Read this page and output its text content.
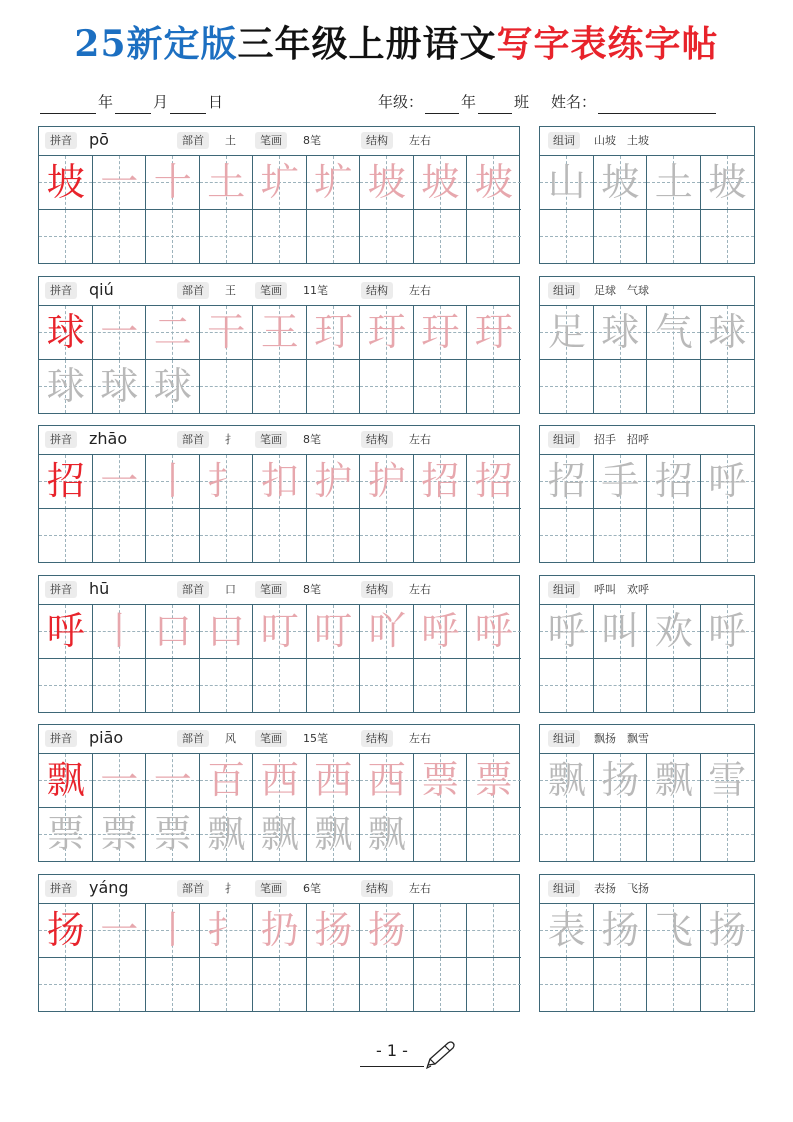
25新定版三年级上册语文写字表练字帖
年	月	日	年级：	年	班 姓名：
拼音	pō	部首	土	笔画	8笔	结构	左右
坡 一 十 土 圹 圹 坡 坡 坡
组词	山坡　土坡
山 坡 土 坡
拼音	qiú	部首	王	笔画	11笔	结构	左右
球 一 二 干 王 玎 玗 玗 玗
球 球 球
组词	足球　气球
足 球 气 球
拼音	zhāo	部首	扌	笔画	8笔	结构	左右
招 一 丨 扌 扣 护 护 招 招
组词	招手　招呼
招 手 招 呼
拼音	hū	部首	口	笔画	8笔	结构	左右
呼 丨 口 口 叮 叮 吖 呼 呼
组词	呼叫　欢呼
呼 叫 欢 呼
拼音	piāo	部首	风	笔画	15笔	结构	左右
飘 一 一 百 西 西 西 票 票
票 票 票 飘 飘 飘 飘
组词	飘扬　飘雪
飘 扬 飘 雪
拼音	yáng	部首	扌	笔画	6笔	结构	左右
扬 一 丨 扌 扔 扬 扬
组词	表扬　飞扬
表 扬 飞 扬
- 1 -
